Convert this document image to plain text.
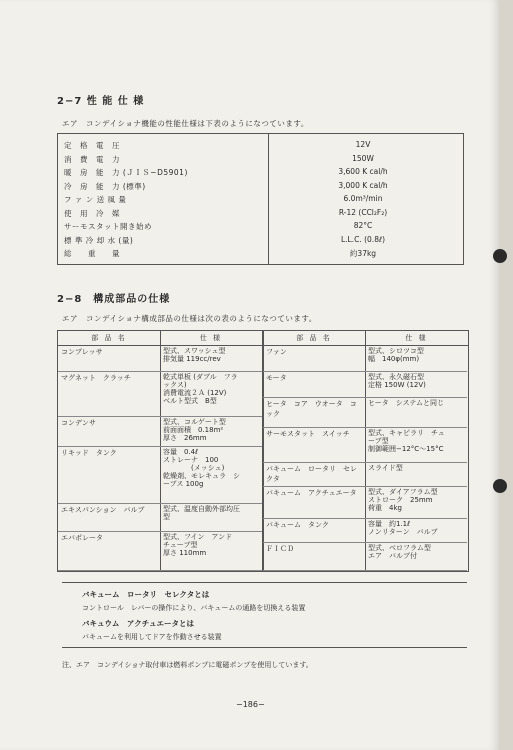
2−7 性 能 仕 様
エア　コンデイショナ機能の性能仕様は下表のようになつています。
定　格　電　圧	12V
消　費　電　力	150W
暖　房　能　力 (ＪＩＳ−D5901)	3,600 K cal/h
冷　房　能　力 (標準)	3,000 K cal/h
フ ァ ン 送 風 量	6.0m³/min
使　用　冷　媒	R-12 (CCl₂F₂)
サーモスタット開き始め	82°C
標 準 冷 却 水 (量)	L.L.C. (0.8ℓ)
総　　重　　量	約37kg
2−8　構成部品の仕様
エア　コンデイショナ構成部品の仕様は次の表のようになつています。
部 品 名	仕 様	部 品 名	仕 様
コンプレッサ	型式、スワッシュ型
排気量 119cc/rev
マグネット　クラッチ	乾式単板 (ダブル　フラ
ックス)
消費電流２Ａ (12V)
ベルト型式　B型
コンデンサ	型式、コルゲート型
前面面積　0.18m²
厚さ　26mm
リキッド　タンク	容量　0.4ℓ
ストレーナ　100
　　　　(メッシュ)
乾燥剤、モレキュラ　シ
ーブス 100g
エキスパンション　バルブ	型式、温度自動外部均圧
型
エバポレータ	型式、フイン　アンド
チューブ型
厚さ 110mm
ファン	型式、シロツコ型
幅　140φ(mm)
モータ	型式、永久磁石型
定格 150W (12V)
ヒータ　コア　ウオータ　コック
ヒータ　システムと同じ
サーモスタット　スイッチ	型式、キャピラリ　チュ
ーブ型
制御範囲−12°C〜15°C
バキューム　ロータリ　セレクタ
スライド型
バキューム　アクチュエータ	型式、ダイアフラム型
ストローク　25mm
荷重　4kg
バキューム　タンク	容量　約1.1ℓ
ノンリターン　バルブ
ＦＩＣＤ	型式、ベロフラム型
エア　バルブ付
バキューム　ロータリ　セレクタとは
コントロール　レバーの操作により、バキュームの通路を切換える装置
バキュウム　アクチュエータとは
バキュームを利用してドアを作動させる装置
注、エア　コンデイショナ取付車は燃料ポンプに電磁ポンプを使用しています。
−186−
